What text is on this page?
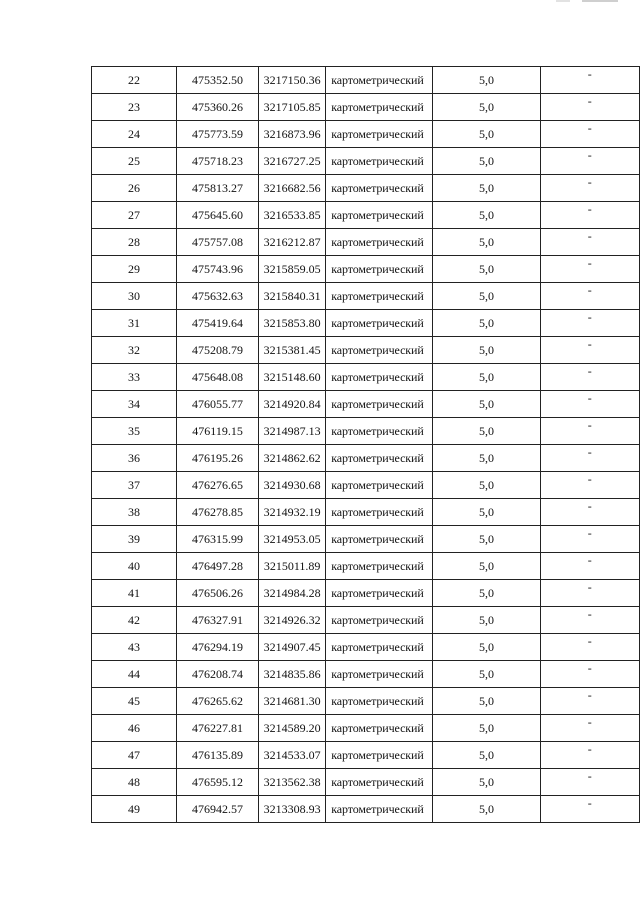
22	475352.50	3217150.36	картометрический	5,0	-

23	475360.26	3217105.85	картометрический	5,0	-

24	475773.59	3216873.96	картометрический	5,0	-

25	475718.23	3216727.25	картометрический	5,0	-

26	475813.27	3216682.56	картометрический	5,0	-

27	475645.60	3216533.85	картометрический	5,0	-

28	475757.08	3216212.87	картометрический	5,0	-

29	475743.96	3215859.05	картометрический	5,0	-

30	475632.63	3215840.31	картометрический	5,0	-

31	475419.64	3215853.80	картометрический	5,0	-

32	475208.79	3215381.45	картометрический	5,0	-

33	475648.08	3215148.60	картометрический	5,0	-

34	476055.77	3214920.84	картометрический	5,0	-

35	476119.15	3214987.13	картометрический	5,0	-

36	476195.26	3214862.62	картометрический	5,0	-

37	476276.65	3214930.68	картометрический	5,0	-

38	476278.85	3214932.19	картометрический	5,0	-

39	476315.99	3214953.05	картометрический	5,0	-

40	476497.28	3215011.89	картометрический	5,0	-

41	476506.26	3214984.28	картометрический	5,0	-

42	476327.91	3214926.32	картометрический	5,0	-

43	476294.19	3214907.45	картометрический	5,0	-

44	476208.74	3214835.86	картометрический	5,0	-

45	476265.62	3214681.30	картометрический	5,0	-

46	476227.81	3214589.20	картометрический	5,0	-

47	476135.89	3214533.07	картометрический	5,0	-

48	476595.12	3213562.38	картометрический	5,0	-

49	476942.57	3213308.93	картометрический	5,0	-
